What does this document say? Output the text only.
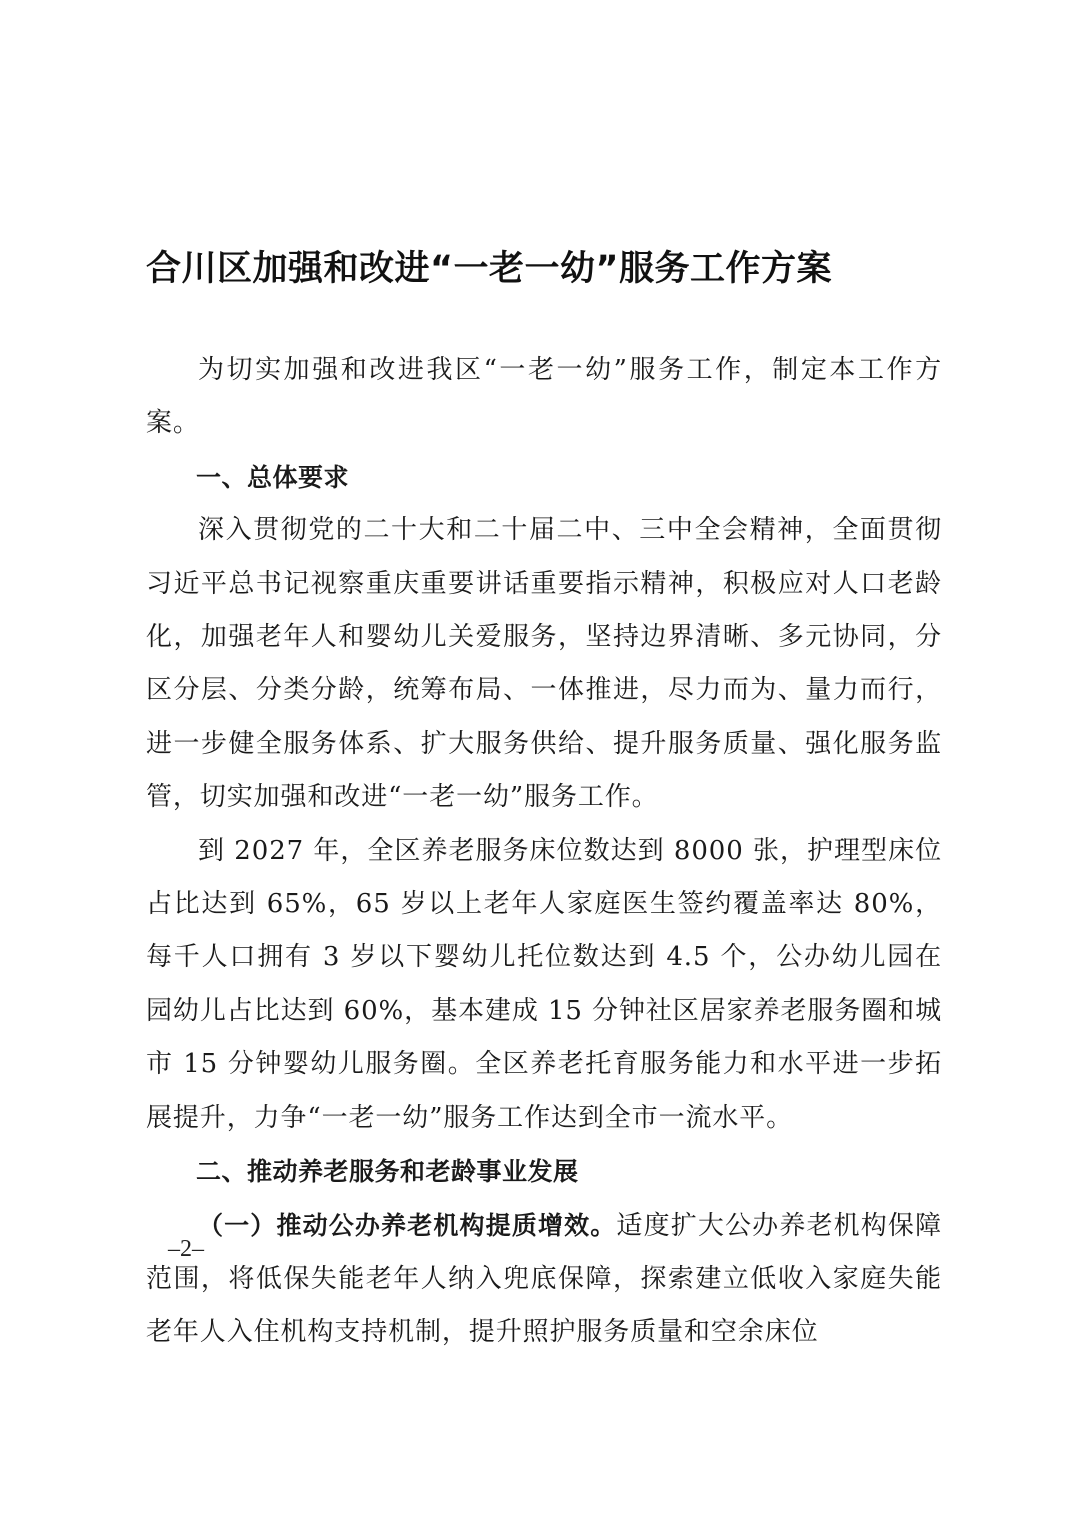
合川区加强和改进“一老一幼”服务工作方案

为切实加强和改进我区“一老一幼”服务工作，制定本工作方案。

一、总体要求

深入贯彻党的二十大和二十届二中、三中全会精神，全面贯彻习近平总书记视察重庆重要讲话重要指示精神，积极应对人口老龄化，加强老年人和婴幼儿关爱服务，坚持边界清晰、多元协同，分区分层、分类分龄，统筹布局、一体推进，尽力而为、量力而行，进一步健全服务体系、扩大服务供给、提升服务质量、强化服务监管，切实加强和改进“一老一幼”服务工作。

到 2027 年，全区养老服务床位数达到 8000 张，护理型床位占比达到 65%，65 岁以上老年人家庭医生签约覆盖率达 80%，每千人口拥有 3 岁以下婴幼儿托位数达到 4.5 个，公办幼儿园在园幼儿占比达到 60%，基本建成 15 分钟社区居家养老服务圈和城市 15 分钟婴幼儿服务圈。全区养老托育服务能力和水平进一步拓展提升，力争“一老一幼”服务工作达到全市一流水平。

二、推动养老服务和老龄事业发展

（一）推动公办养老机构提质增效。适度扩大公办养老机构保障范围，将低保失能老年人纳入兜底保障，探索建立低收入家庭失能老年人入住机构支持机制，提升照护服务质量和空余床位

–2–
